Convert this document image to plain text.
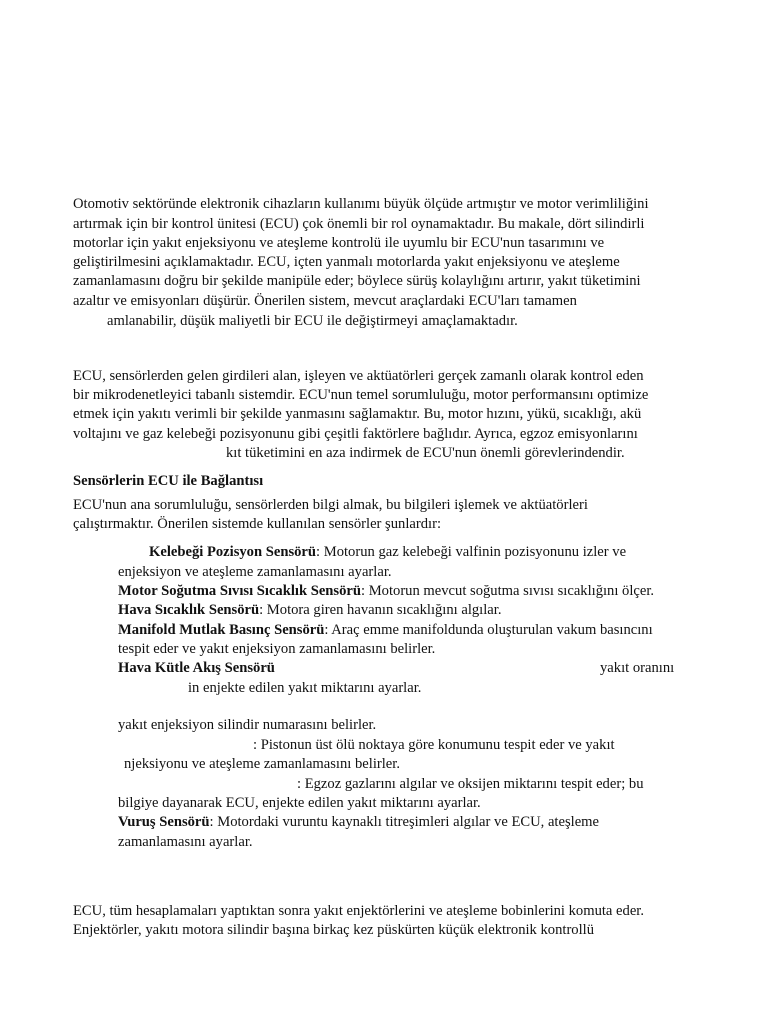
Otomotiv sektöründe elektronik cihazların kullanımı büyük ölçüde artmıştır ve motor verimliliğini
artırmak için bir kontrol ünitesi (ECU) çok önemli bir rol oynamaktadır. Bu makale, dört silindirli
motorlar için yakıt enjeksiyonu ve ateşleme kontrolü ile uyumlu bir ECU'nun tasarımını ve
geliştirilmesini açıklamaktadır. ECU, içten yanmalı motorlarda yakıt enjeksiyonu ve ateşleme
zamanlamasını doğru bir şekilde manipüle eder; böylece sürüş kolaylığını artırır, yakıt tüketimini
azaltır ve emisyonları düşürür. Önerilen sistem, mevcut araçlardaki ECU'ları tamamen
amlanabilir, düşük maliyetli bir ECU ile değiştirmeyi amaçlamaktadır.
ECU, sensörlerden gelen girdileri alan, işleyen ve aktüatörleri gerçek zamanlı olarak kontrol eden
bir mikrodenetleyici tabanlı sistemdir. ECU'nun temel sorumluluğu, motor performansını optimize
etmek için yakıtı verimli bir şekilde yanmasını sağlamaktır. Bu, motor hızını, yükü, sıcaklığı, akü
voltajını ve gaz kelebeği pozisyonunu gibi çeşitli faktörlere bağlıdır. Ayrıca, egzoz emisyonlarını
kıt tüketimini en aza indirmek de ECU'nun önemli görevlerindendir.
Sensörlerin ECU ile Bağlantısı
ECU'nun ana sorumluluğu, sensörlerden bilgi almak, bu bilgileri işlemek ve aktüatörleri
çalıştırmaktır. Önerilen sistemde kullanılan sensörler şunlardır:
Kelebeği Pozisyon Sensörü: Motorun gaz kelebeği valfinin pozisyonunu izler ve
enjeksiyon ve ateşleme zamanlamasını ayarlar.
Motor Soğutma Sıvısı Sıcaklık Sensörü: Motorun mevcut soğutma sıvısı sıcaklığını ölçer.
Hava Sıcaklık Sensörü: Motora giren havanın sıcaklığını algılar.
Manifold Mutlak Basınç Sensörü: Araç emme manifoldunda oluşturulan vakum basıncını
tespit eder ve yakıt enjeksiyon zamanlamasını belirler.
Hava Kütle Akış Sensörü	yakıt oranını
in enjekte edilen yakıt miktarını ayarlar.
yakıt enjeksiyon silindir numarasını belirler.
: Pistonun üst ölü noktaya göre konumunu tespit eder ve yakıt
njeksiyonu ve ateşleme zamanlamasını belirler.
: Egzoz gazlarını algılar ve oksijen miktarını tespit eder; bu
bilgiye dayanarak ECU, enjekte edilen yakıt miktarını ayarlar.
Vuruş Sensörü: Motordaki vuruntu kaynaklı titreşimleri algılar ve ECU, ateşleme
zamanlamasını ayarlar.
ECU, tüm hesaplamaları yaptıktan sonra yakıt enjektörlerini ve ateşleme bobinlerini komuta eder.
Enjektörler, yakıtı motora silindir başına birkaç kez püskürten küçük elektronik kontrollü
